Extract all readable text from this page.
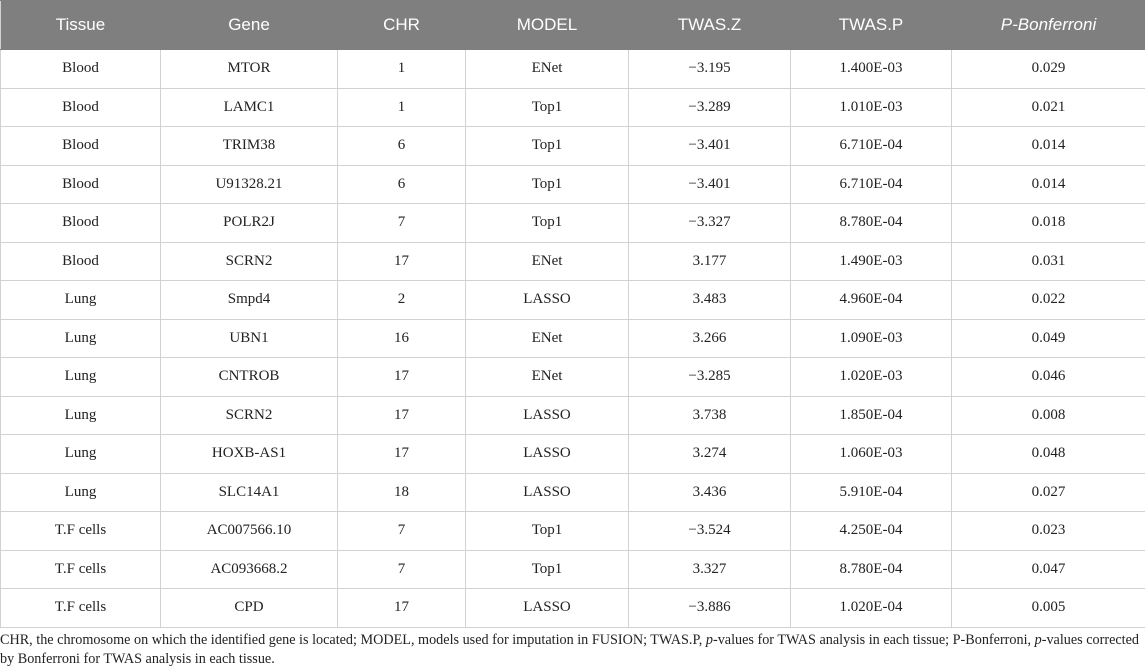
Tissue	Gene	CHR	MODEL	TWAS.Z	TWAS.P	P-Bonferroni
Blood	MTOR	1	ENet	−3.195	1.400E-03	0.029
Blood	LAMC1	1	Top1	−3.289	1.010E-03	0.021
Blood	TRIM38	6	Top1	−3.401	6.710E-04	0.014
Blood	U91328.21	6	Top1	−3.401	6.710E-04	0.014
Blood	POLR2J	7	Top1	−3.327	8.780E-04	0.018
Blood	SCRN2	17	ENet	3.177	1.490E-03	0.031
Lung	Smpd4	2	LASSO	3.483	4.960E-04	0.022
Lung	UBN1	16	ENet	3.266	1.090E-03	0.049
Lung	CNTROB	17	ENet	−3.285	1.020E-03	0.046
Lung	SCRN2	17	LASSO	3.738	1.850E-04	0.008
Lung	HOXB-AS1	17	LASSO	3.274	1.060E-03	0.048
Lung	SLC14A1	18	LASSO	3.436	5.910E-04	0.027
T.F cells	AC007566.10	7	Top1	−3.524	4.250E-04	0.023
T.F cells	AC093668.2	7	Top1	3.327	8.780E-04	0.047
T.F cells	CPD	17	LASSO	−3.886	1.020E-04	0.005
CHR, the chromosome on which the identified gene is located; MODEL, models used for imputation in FUSION; TWAS.P, p-values for TWAS analysis in each tissue; P-Bonferroni, p-values corrected by Bonferroni for TWAS analysis in each tissue.
